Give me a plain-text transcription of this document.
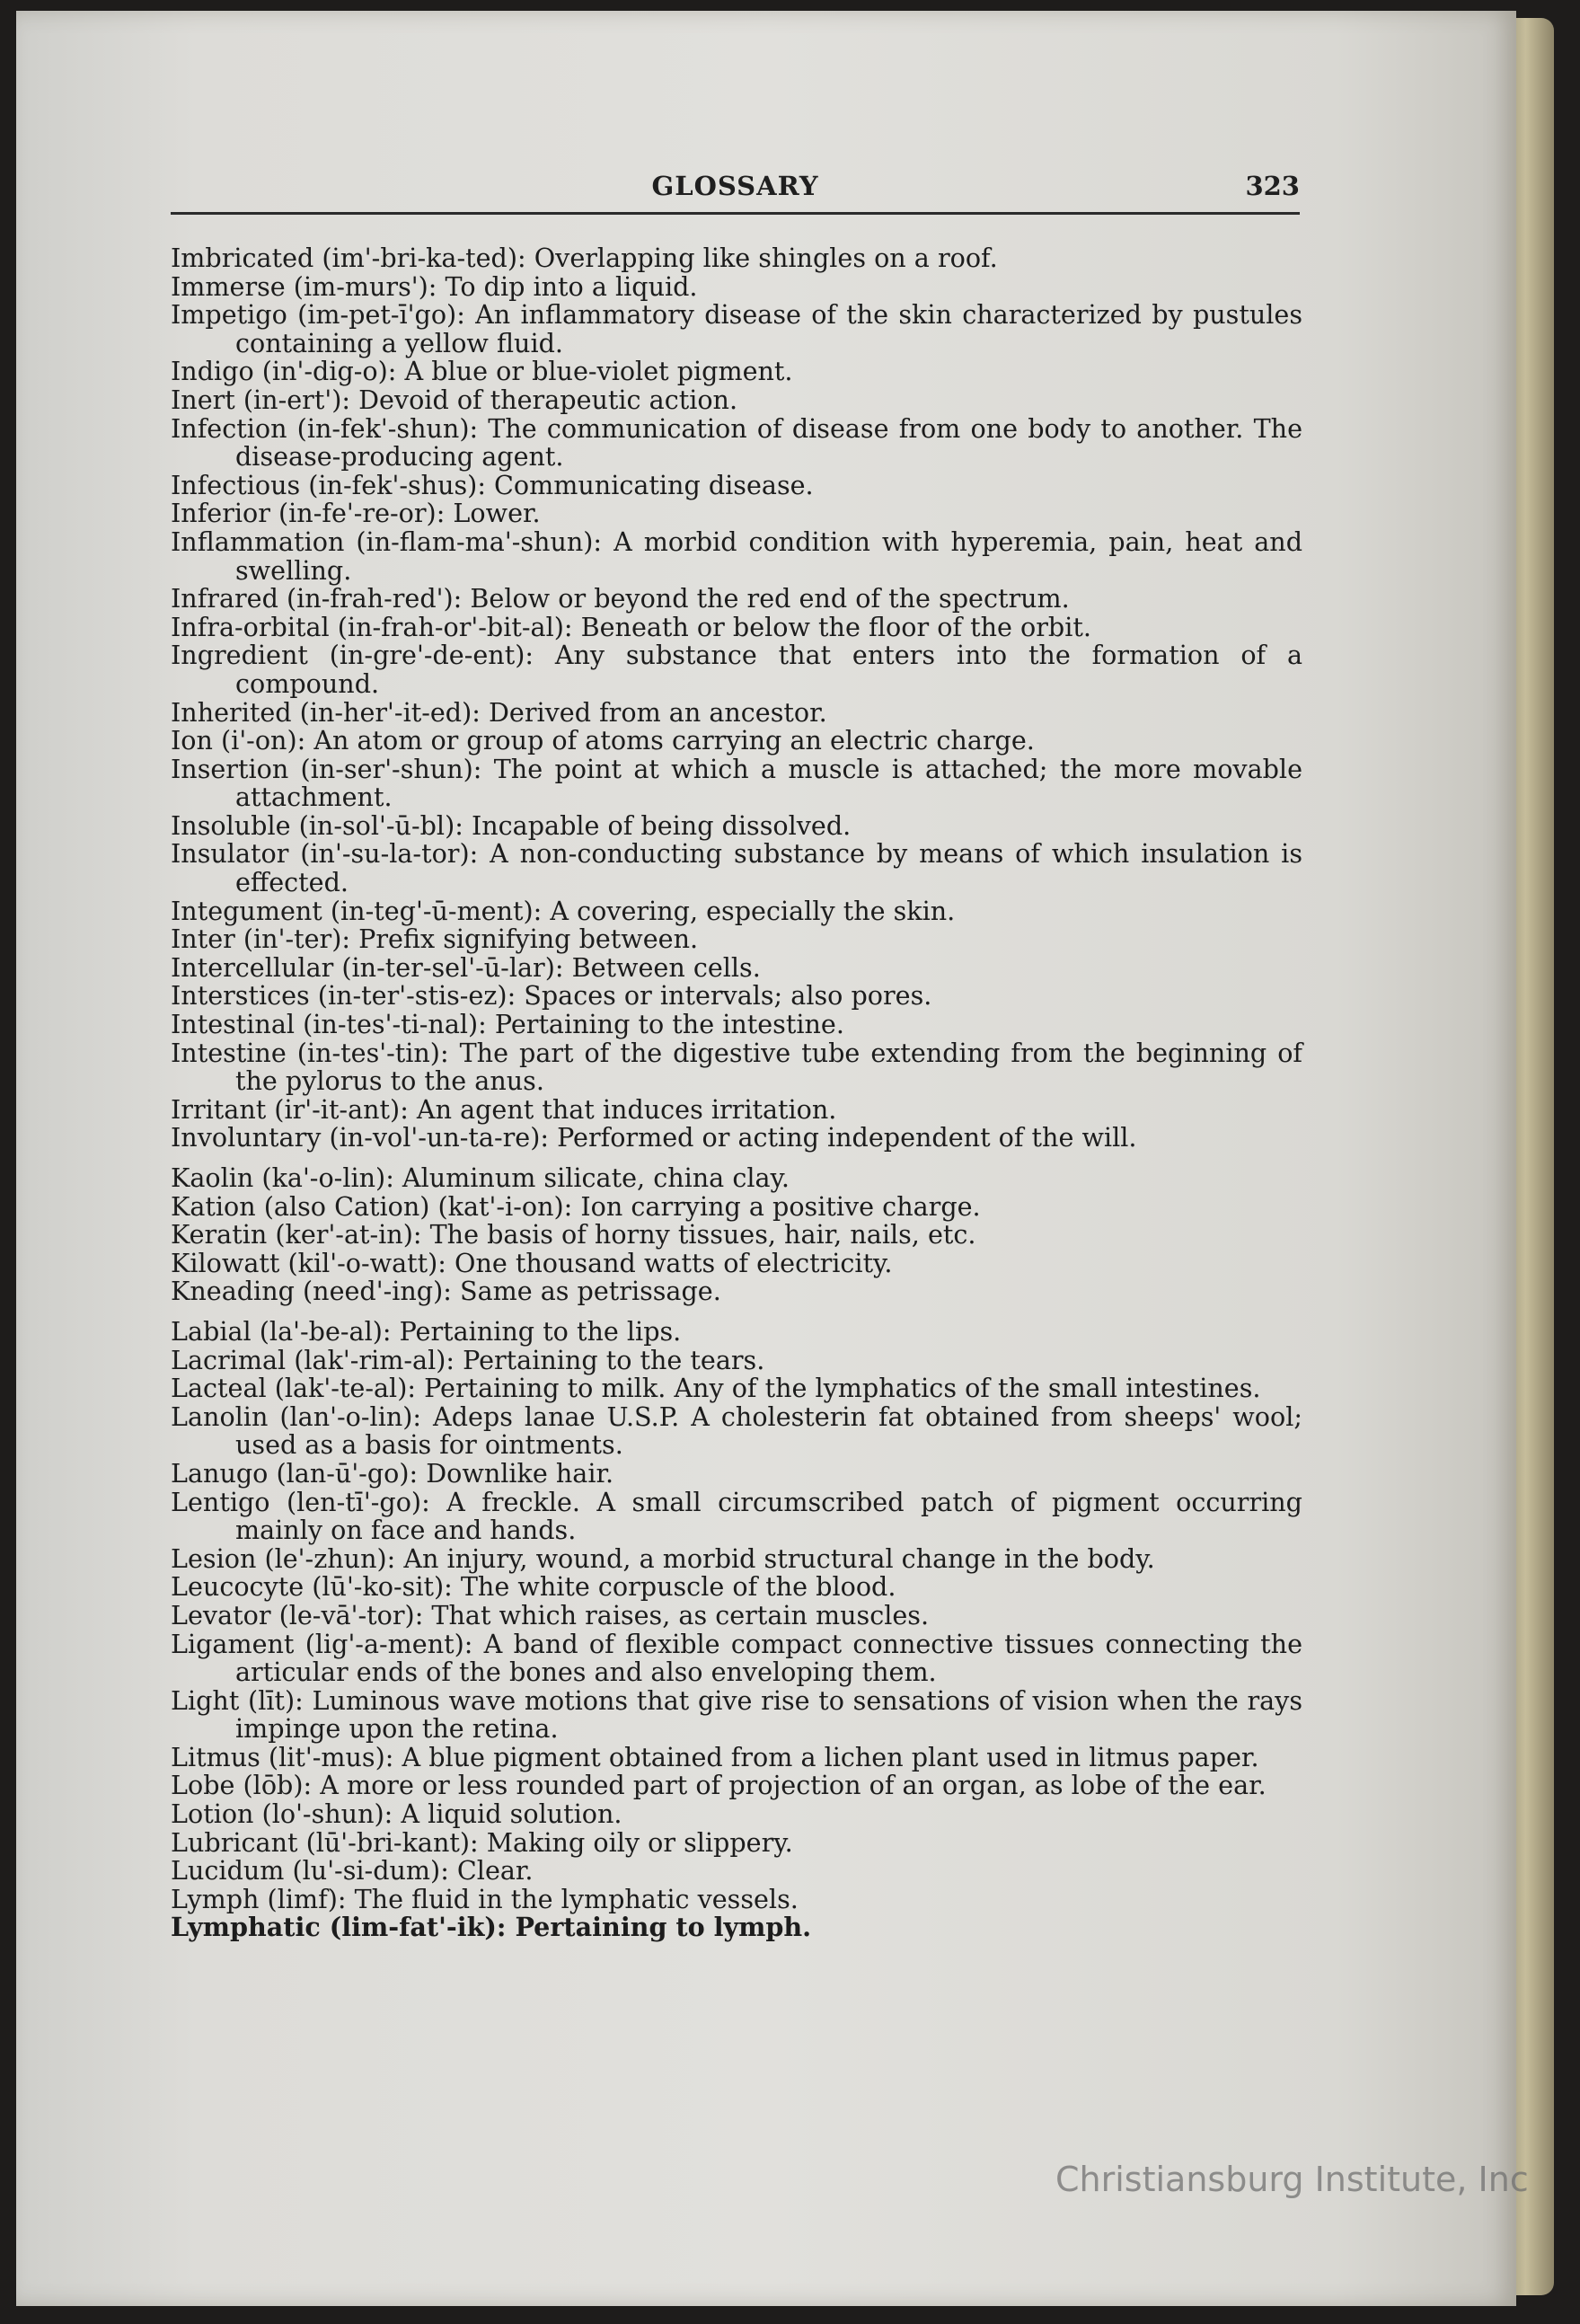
GLOSSARY	323

Imbricated (im'-bri-ka-ted): Overlapping like shingles on a roof.

Immerse (im-murs'): To dip into a liquid.

Impetigo (im-pet-ī'go): An inflammatory disease of the skin characterized by pustules containing a yellow fluid.

Indigo (in'-dig-o): A blue or blue-violet pigment.

Inert (in-ert'): Devoid of therapeutic action.

Infection (in-fek'-shun): The communication of disease from one body to another. The disease-producing agent.

Infectious (in-fek'-shus): Communicating disease.

Inferior (in-fe'-re-or): Lower.

Inflammation (in-flam-ma'-shun): A morbid condition with hyperemia, pain, heat and swelling.

Infrared (in-frah-red'): Below or beyond the red end of the spectrum.

Infra-orbital (in-frah-or'-bit-al): Beneath or below the floor of the orbit.

Ingredient (in-gre'-de-ent): Any substance that enters into the formation of a compound.

Inherited (in-her'-it-ed): Derived from an ancestor.

Ion (i'-on): An atom or group of atoms carrying an electric charge.

Insertion (in-ser'-shun): The point at which a muscle is attached; the more movable attachment.

Insoluble (in-sol'-ū-bl): Incapable of being dissolved.

Insulator (in'-su-la-tor): A non-conducting substance by means of which insulation is effected.

Integument (in-teg'-ū-ment): A covering, especially the skin.

Inter (in'-ter): Prefix signifying between.

Intercellular (in-ter-sel'-ū-lar): Between cells.

Interstices (in-ter'-stis-ez): Spaces or intervals; also pores.

Intestinal (in-tes'-ti-nal): Pertaining to the intestine.

Intestine (in-tes'-tin): The part of the digestive tube extending from the beginning of the pylorus to the anus.

Irritant (ir'-it-ant): An agent that induces irritation.

Involuntary (in-vol'-un-ta-re): Performed or acting independent of the will.

Kaolin (ka'-o-lin): Aluminum silicate, china clay.

Kation (also Cation) (kat'-i-on): Ion carrying a positive charge.

Keratin (ker'-at-in): The basis of horny tissues, hair, nails, etc.

Kilowatt (kil'-o-watt): One thousand watts of electricity.

Kneading (need'-ing): Same as petrissage.

Labial (la'-be-al): Pertaining to the lips.

Lacrimal (lak'-rim-al): Pertaining to the tears.

Lacteal (lak'-te-al): Pertaining to milk. Any of the lymphatics of the small intestines.

Lanolin (lan'-o-lin): Adeps lanae U.S.P. A cholesterin fat obtained from sheeps' wool; used as a basis for ointments.

Lanugo (lan-ū'-go): Downlike hair.

Lentigo (len-tī'-go): A freckle. A small circumscribed patch of pigment occurring mainly on face and hands.

Lesion (le'-zhun): An injury, wound, a morbid structural change in the body.

Leucocyte (lū'-ko-sit): The white corpuscle of the blood.

Levator (le-vā'-tor): That which raises, as certain muscles.

Ligament (lig'-a-ment): A band of flexible compact connective tissues connecting the articular ends of the bones and also enveloping them.

Light (līt): Luminous wave motions that give rise to sensations of vision when the rays impinge upon the retina.

Litmus (lit'-mus): A blue pigment obtained from a lichen plant used in litmus paper.

Lobe (lōb): A more or less rounded part of projection of an organ, as lobe of the ear.

Lotion (lo'-shun): A liquid solution.

Lubricant (lū'-bri-kant): Making oily or slippery.

Lucidum (lu'-si-dum): Clear.

Lymph (limf): The fluid in the lymphatic vessels.

Lymphatic (lim-fat'-ik): Pertaining to lymph.

Christiansburg Institute, Inc
